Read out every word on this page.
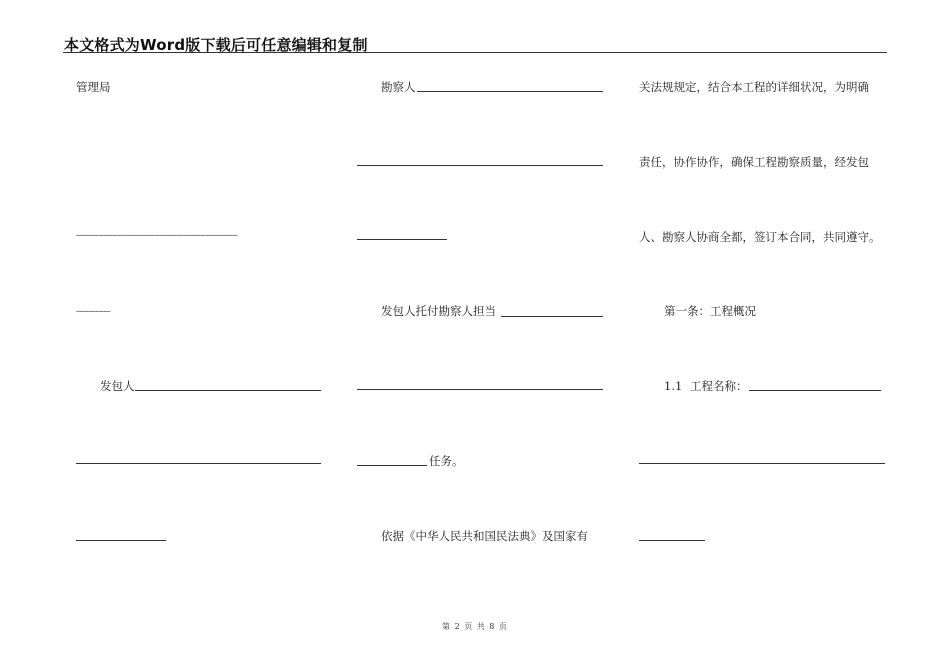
本文格式为Word版下载后可任意编辑和复制
管理局
------------------------------------------------------------------
--------------
发包人
勘察人
发包人托付勘察人担当
任务。
依据《中华人民共和国民法典》及国家有
关法规规定，结合本工程的详细状况，为明确
责任，协作协作，确保工程勘察质量，经发包
人、勘察人协商全都，签订本合同，共同遵守。
第一条：工程概况
1.1 工程名称：
第 2 页 共 8 页
